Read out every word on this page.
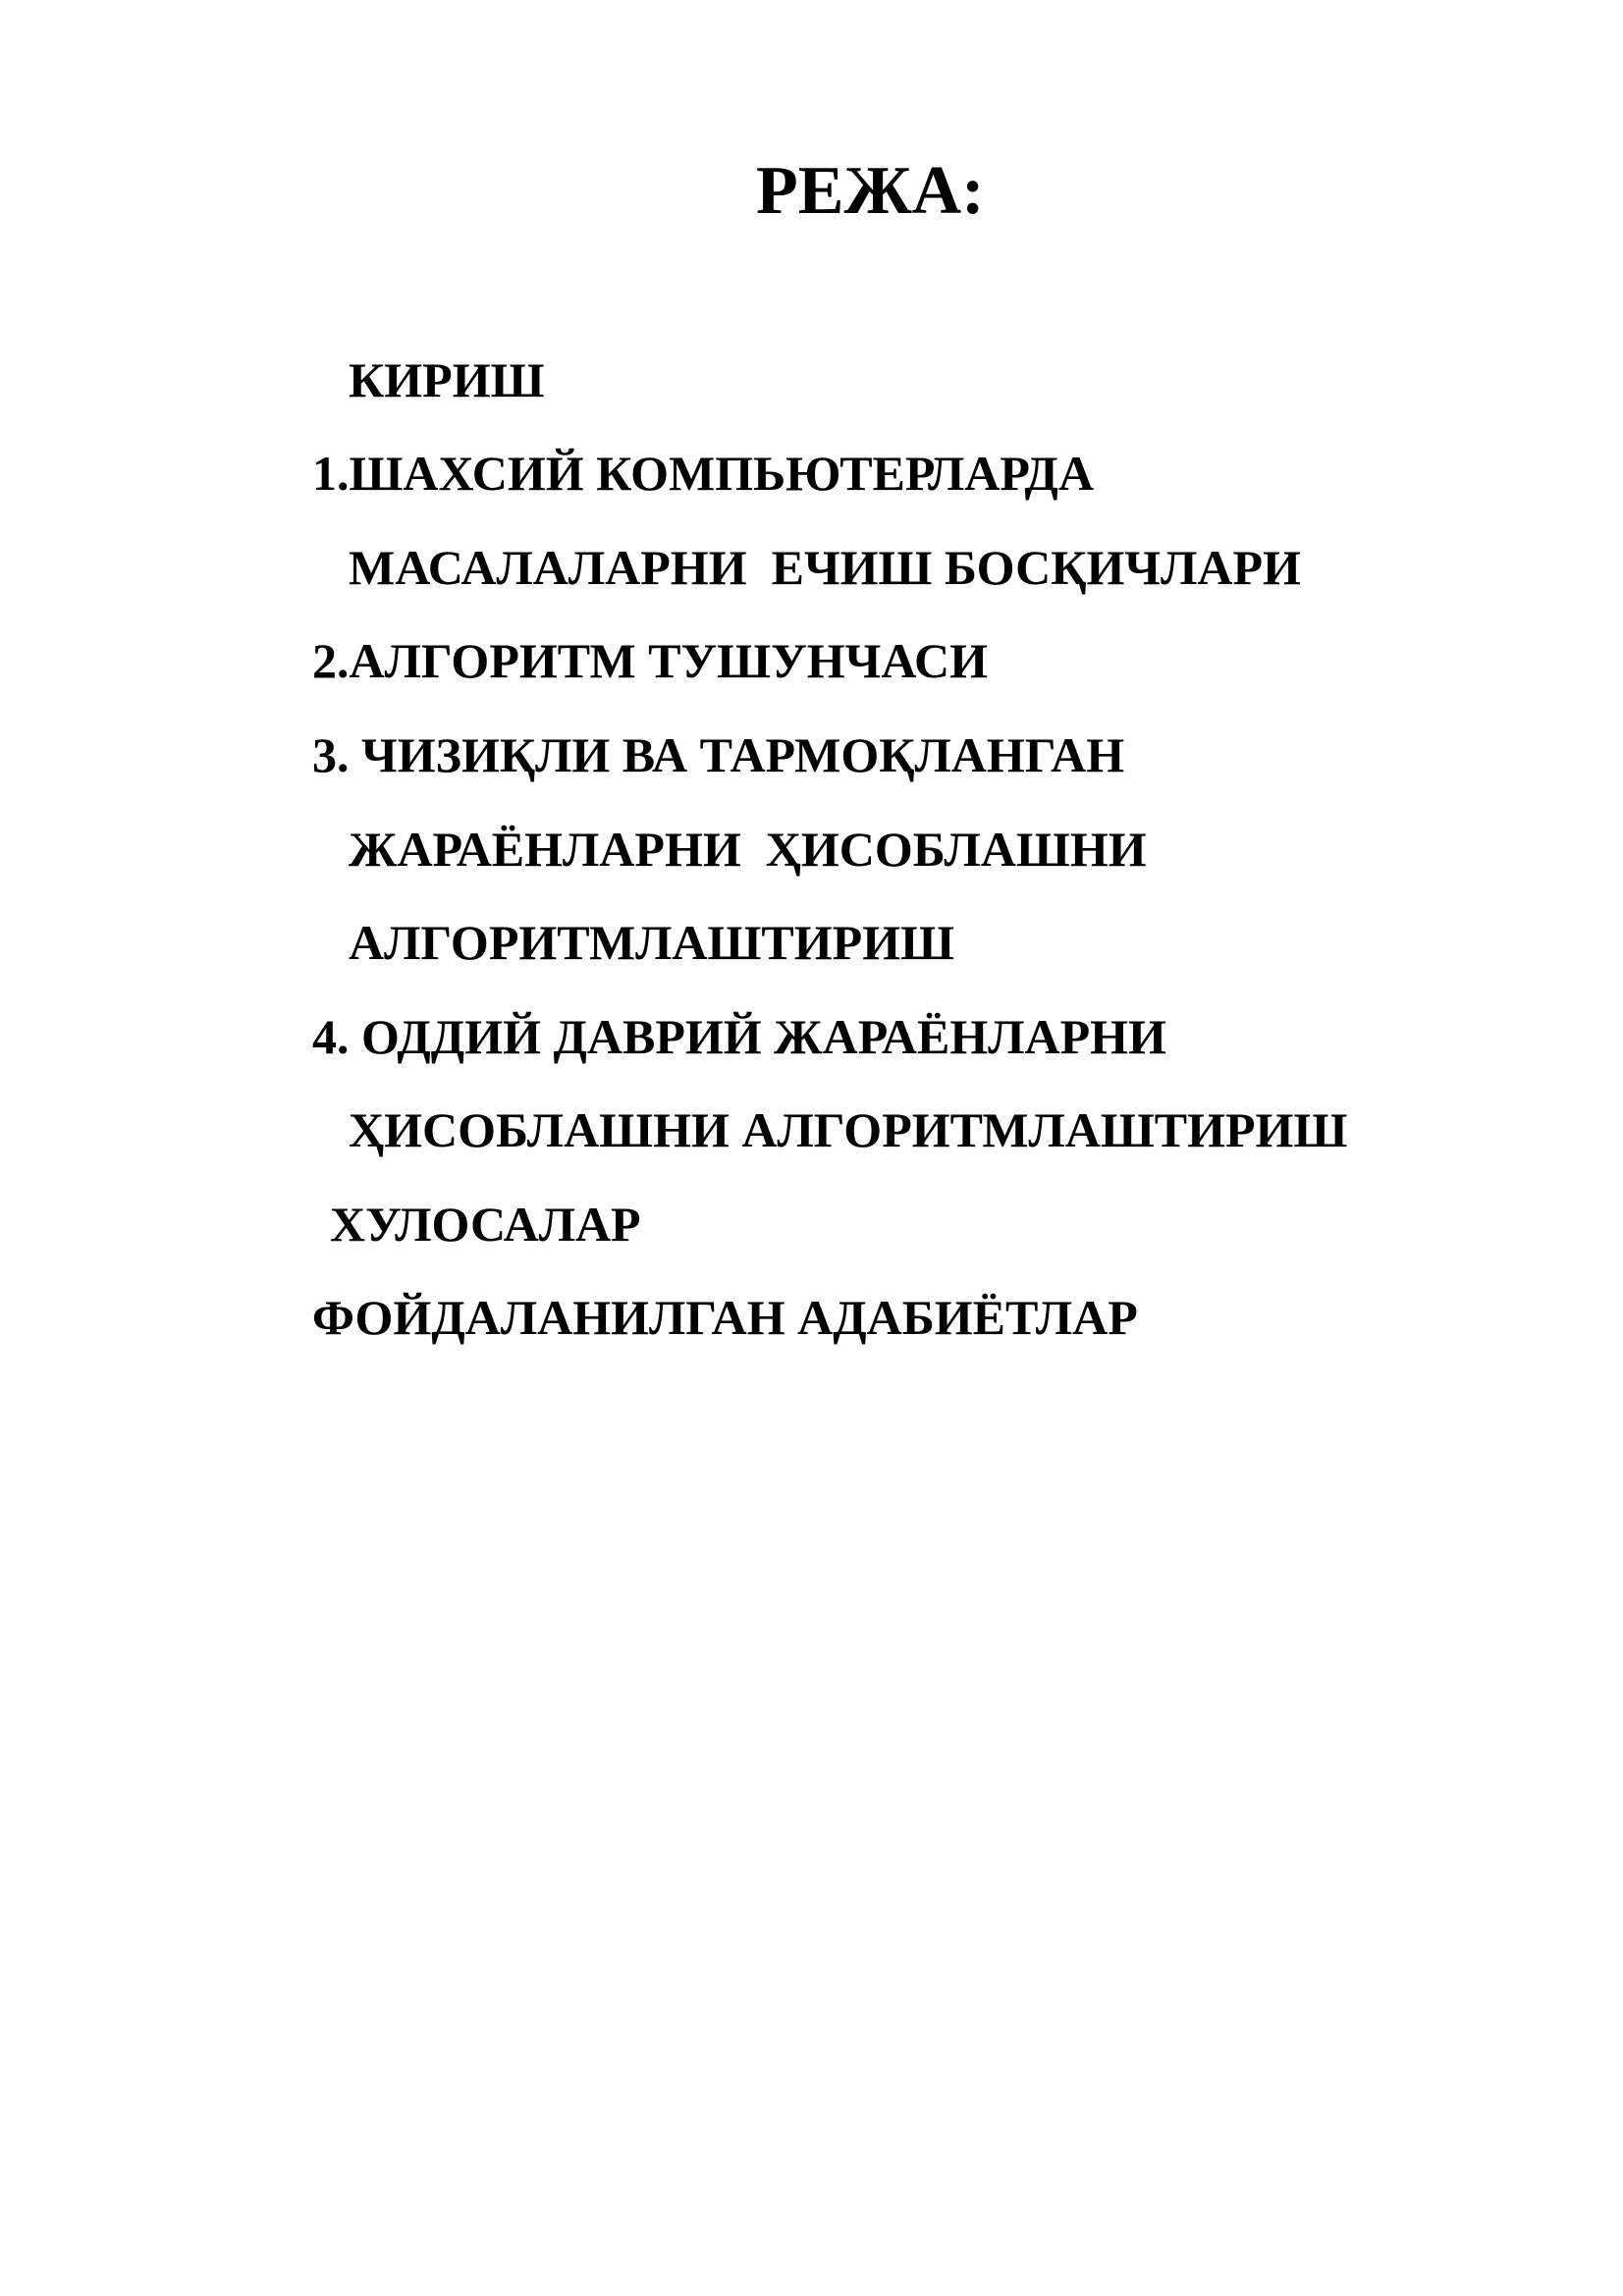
РЕЖА:
КИРИШ
1.ШАХСИЙ КОМПЬЮТЕРЛАРДА
МАСАЛАЛАРНИ  ЕЧИШ БОСҚИЧЛАРИ
2.АЛГОРИТМ ТУШУНЧАСИ
3. ЧИЗИҚЛИ ВА ТАРМОҚЛАНГАН
ЖАРАЁНЛАРНИ  ҲИСОБЛАШНИ
АЛГОРИТМЛАШТИРИШ
4. ОДДИЙ ДАВРИЙ ЖАРАЁНЛАРНИ
ҲИСОБЛАШНИ АЛГОРИТМЛАШТИРИШ
ХУЛОСАЛАР
ФОЙДАЛАНИЛГАН АДАБИЁТЛАР
